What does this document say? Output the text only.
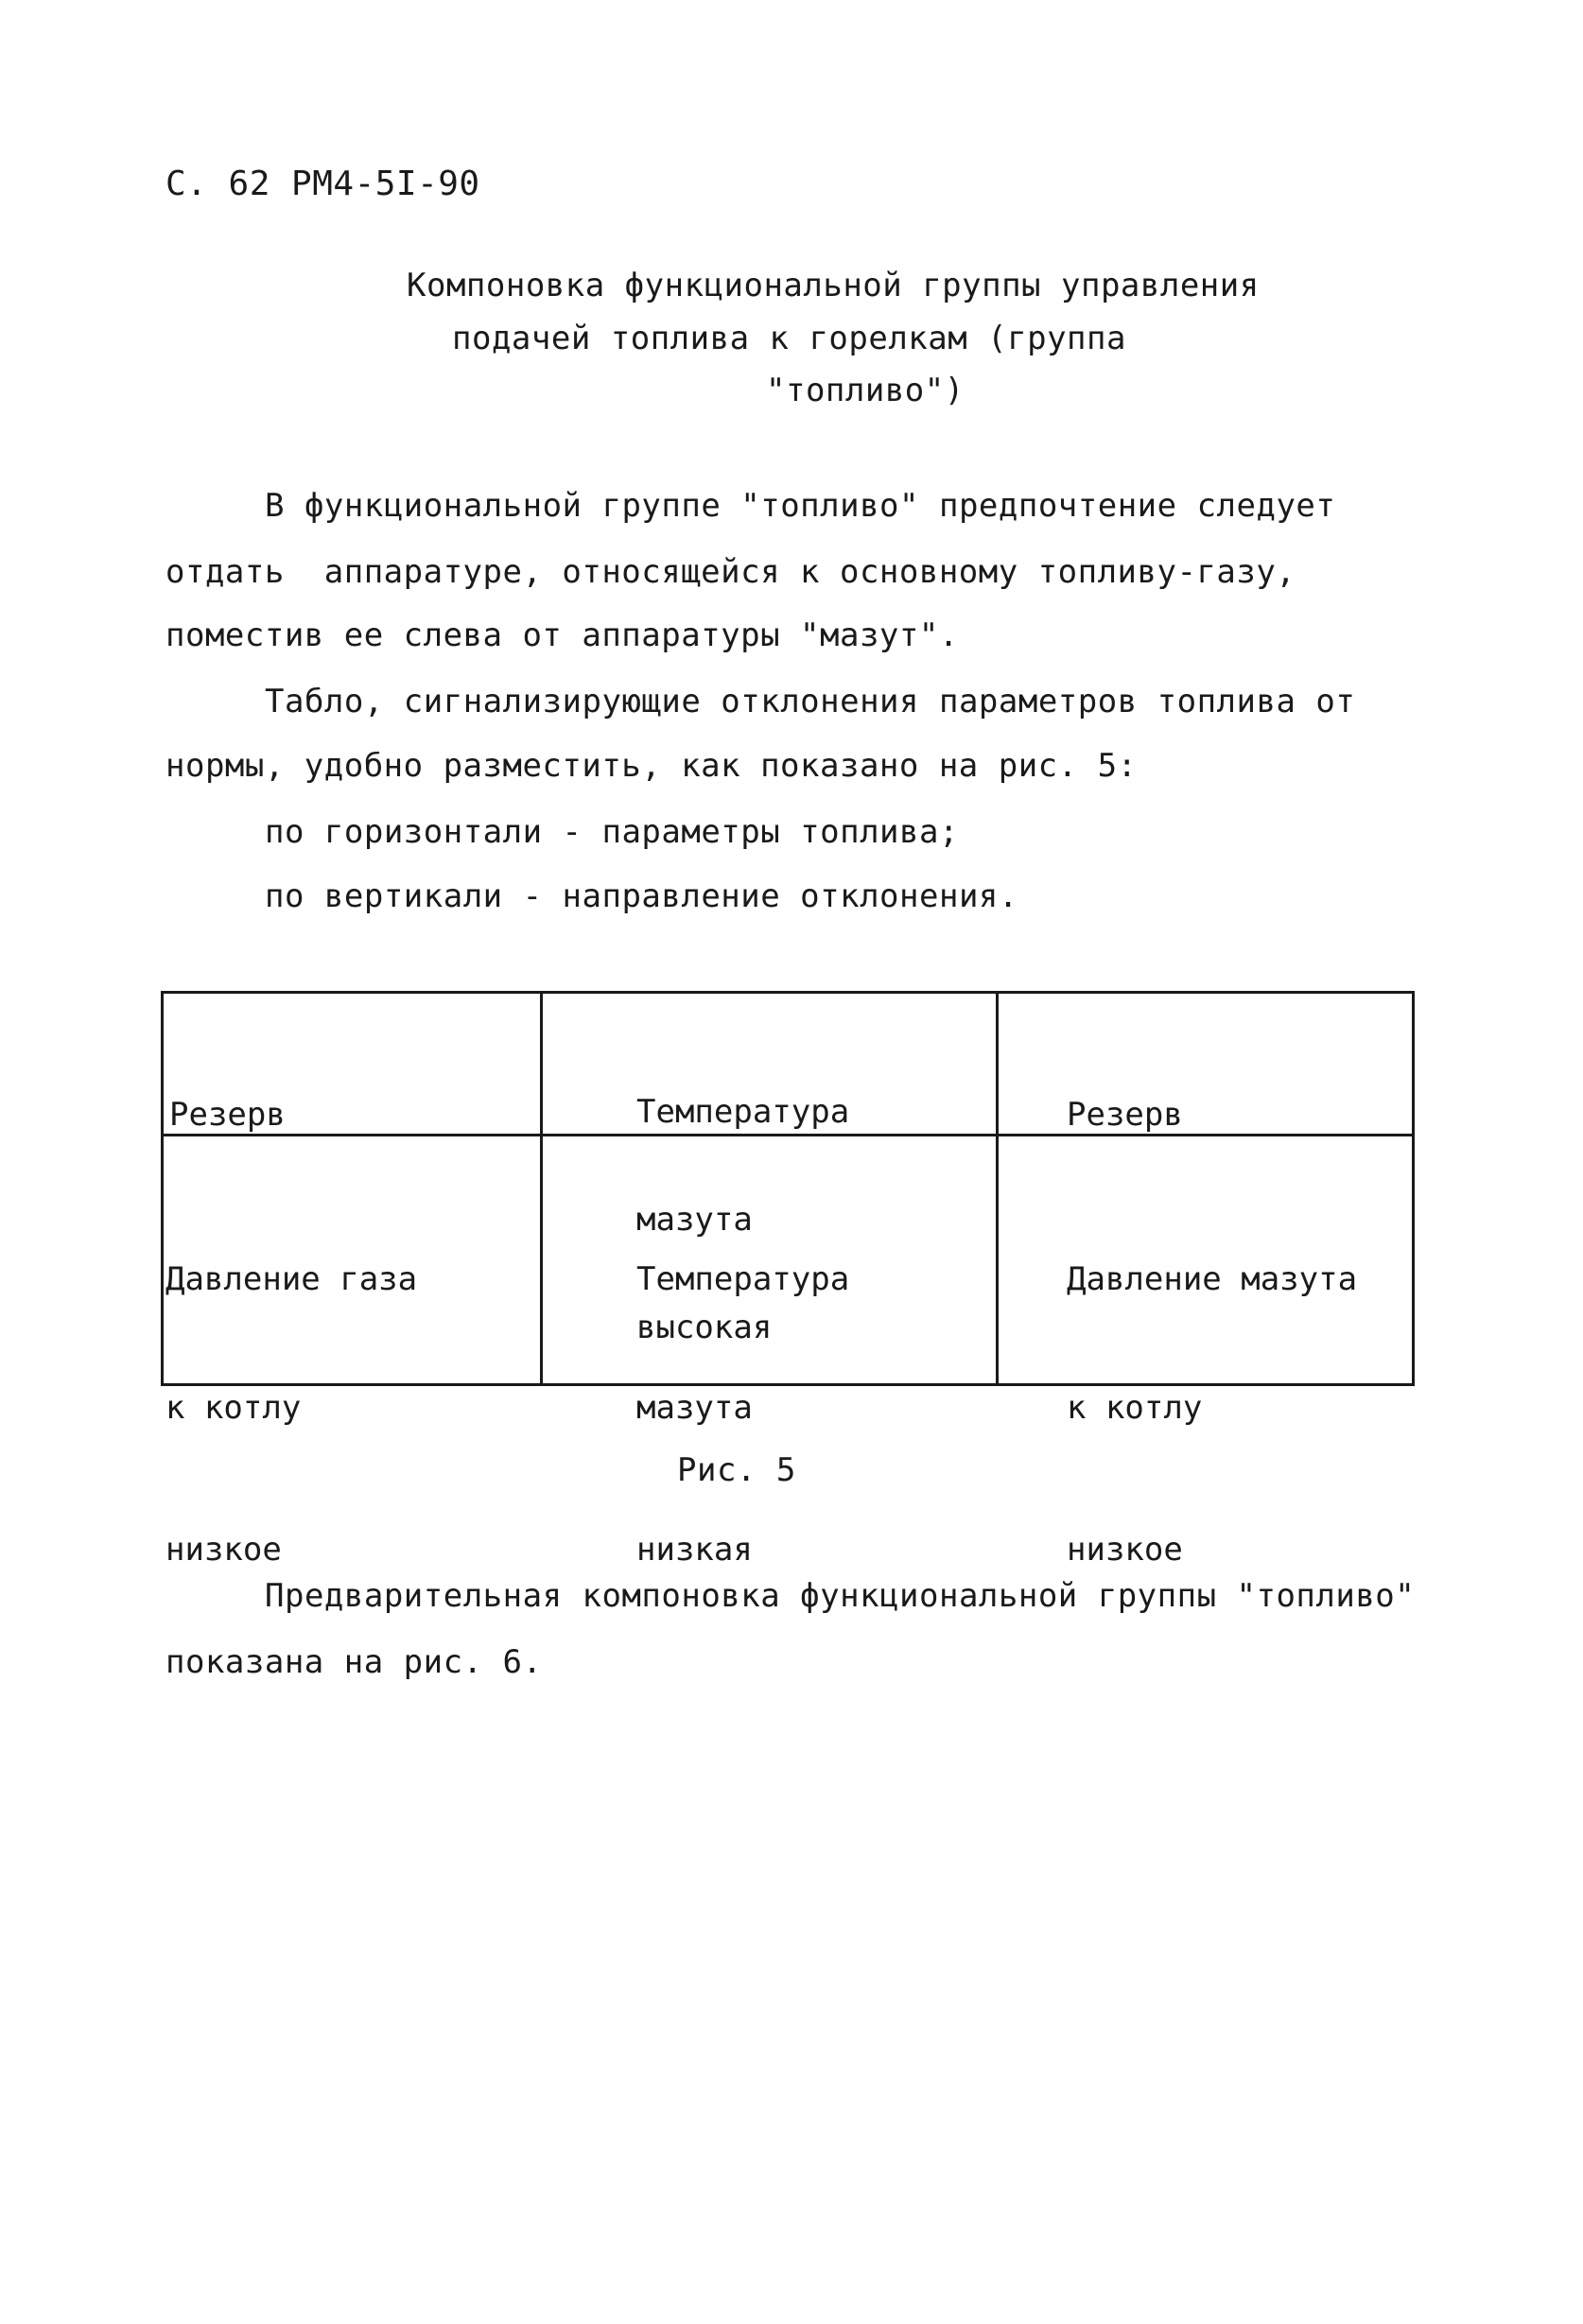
С. 62 РМ4-5I-90
Компоновка функциональной группы управления
подачей топлива к горелкам (группа
"топливо")
В функциональной группе "топливо" предпочтение следует
отдать  аппаратуре, относящейся к основному топливу-газу,
поместив ее слева от аппаратуры "мазут".
Табло, сигнализирующие отклонения параметров топлива от
нормы, удобно разместить, как показано на рис. 5:
по горизонтали - параметры топлива;
по вертикали - направление отклонения.

Резерв

	Температура

мазута

высокая

Резерв

Давление газа

к котлу

низкое

Температура

мазута

низкая

Давление мазута

к котлу

низкое

Рис. 5
Предварительная компоновка функциональной группы "топливо"
показана на рис. 6.
